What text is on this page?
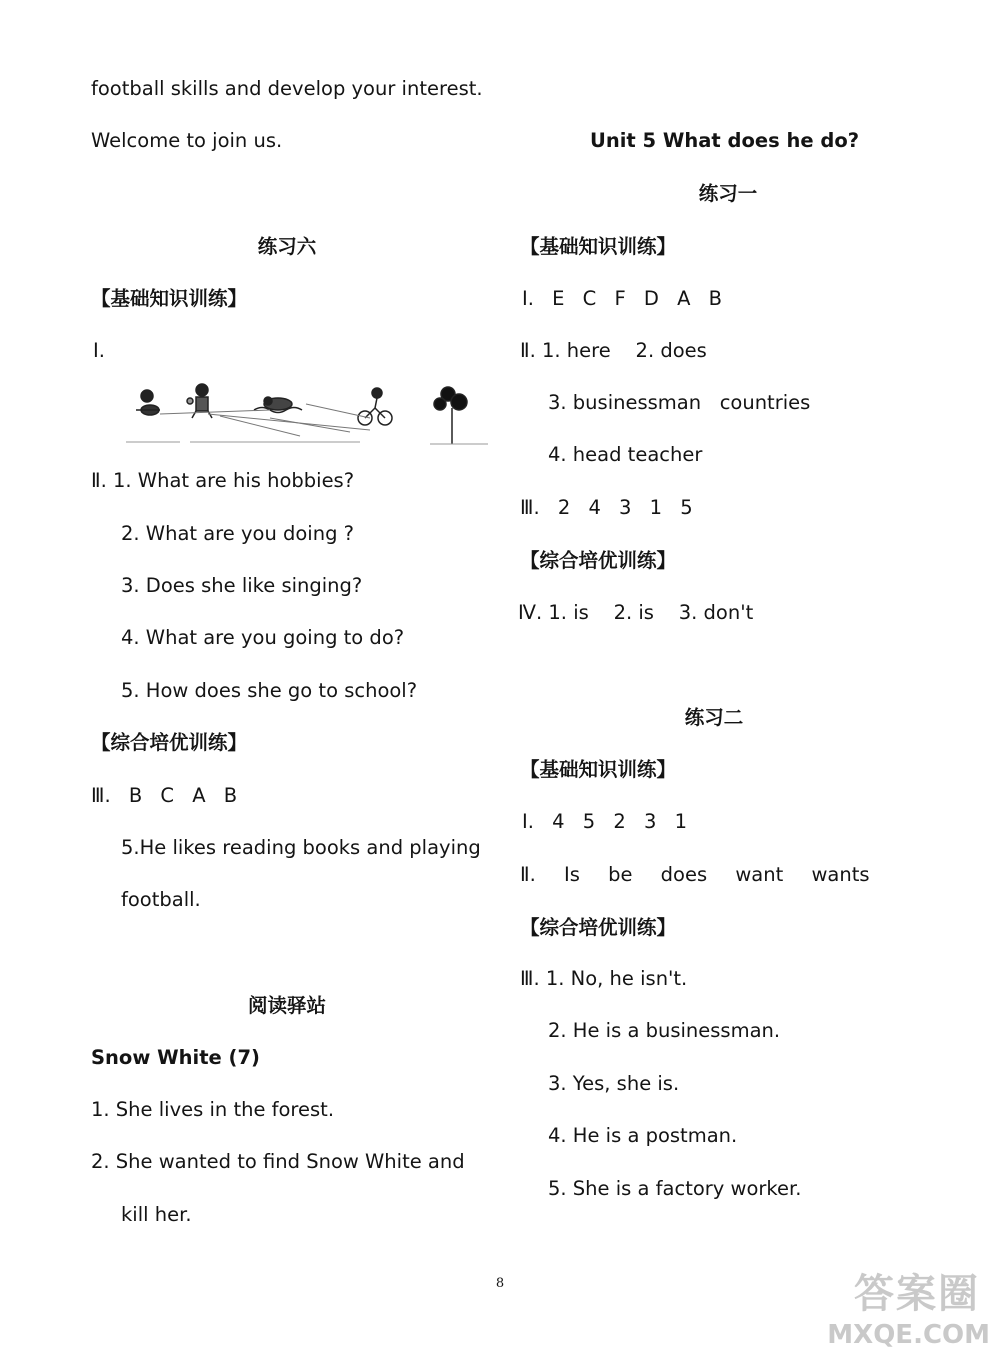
football skills and develop your interest.
Welcome to join us.
练习六
【基础知识训练】
Ⅰ.
Ⅱ. 1. What are his hobbies?
2. What are you doing ?
3. Does she like singing?
4. What are you going to do?
5. How does she go to school?
【综合培优训练】
Ⅲ. B C A B
5.He likes reading books and playing
football.
阅读驿站
Snow White (7)
1. She lives in the forest.
2. She wanted to find Snow White and
kill her.
Unit 5 What does he do?
练习一
【基础知识训练】
Ⅰ. E C F D A B
Ⅱ. 1. here    2. does
3. businessman   countries
4. head teacher
Ⅲ. 2 4 3 1 5
【综合培优训练】
Ⅳ. 1. is    2. is    3. don't
练习二
【基础知识训练】
Ⅰ. 4 5 2 3 1
Ⅱ. Is be does want wants
【综合培优训练】
Ⅲ. 1. No, he isn't.
2. He is a businessman.
3. Yes, she is.
4. He is a postman.
5. She is a factory worker.
8	答案圈
MXQE.COM
